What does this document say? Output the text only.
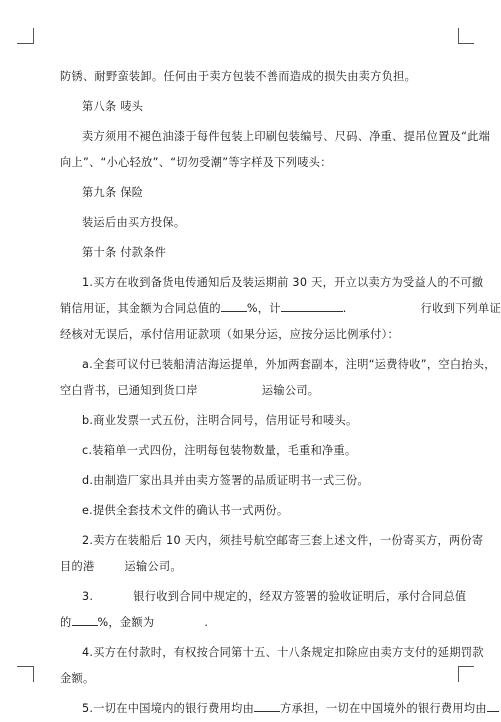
防锈、耐野蛮装卸。任何由于卖方包装不善而造成的损失由卖方负担。
第八条 唛头
卖方须用不褪色油漆于每件包装上印刷包装编号、尺码、净重、提吊位置及“此端
向上”、“小心轻放”、“切勿受潮”等字样及下列唛头：
第九条 保险
装运后由买方投保。
第十条 付款条件
1.买方在收到备货电传通知后及装运期前 30 天，开立以卖方为受益人的不可撤
销信用证，其金额为合同总值的 %，计	.	行收到下列单证
经核对无误后，承付信用证款项（如果分运，应按分运比例承付）：
a.全套可议付已装船清洁海运提单，外加两套副本，注明“运费待收”，空白抬头，
空白背书，已通知到货口岸	运输公司。
b.商业发票一式五份，注明合同号，信用证号和唛头。
c.装箱单一式四份，注明每包装物数量，毛重和净重。
d.由制造厂家出具并由卖方签署的品质证明书一式三份。
e.提供全套技术文件的确认书一式两份。
2.卖方在装船后 10 天内，须挂号航空邮寄三套上述文件，一份寄买方，两份寄
目的港	运输公司。
3.	银行收到合同中规定的，经双方签署的验收证明后，承付合同总值
的 %，金额为	.
4.买方在付款时，有权按合同第十五、十八条规定扣除应由卖方支付的延期罚款
金额。
5.一切在中国境内的银行费用均由 方承担，一切在中国境外的银行费用均由
